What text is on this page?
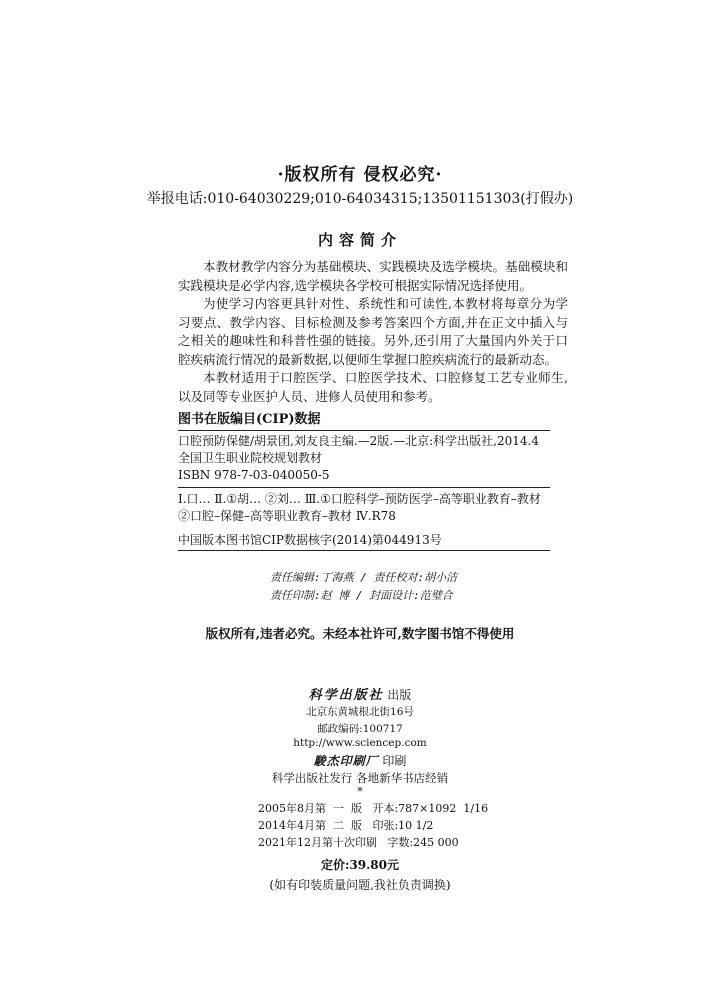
·版权所有 侵权必究·
举报电话:010-64030229;010-64034315;13501151303(打假办)
内容简介

本教材教学内容分为基础模块、实践模块及选学模块。基础模块和实践模块是必学内容,选学模块各学校可根据实际情况选择使用。

为使学习内容更具针对性、系统性和可读性,本教材将每章分为学习要点、教学内容、目标检测及参考答案四个方面,并在正文中插入与之相关的趣味性和科普性强的链接。另外,还引用了大量国内外关于口腔疾病流行情况的最新数据,以便师生掌握口腔疾病流行的最新动态。

本教材适用于口腔医学、口腔医学技术、口腔修复工艺专业师生,以及同等专业医护人员、进修人员使用和参考。

图书在版编目(CIP)数据
口腔预防保健/胡景团,刘友良主编.—2版.—北京:科学出版社,2014.4
全国卫生职业院校规划教材
ISBN 978-7-03-040050-5
Ⅰ.口… Ⅱ.①胡… ②刘… Ⅲ.①口腔科学–预防医学–高等职业教育–教材 ②口腔–保健–高等职业教育–教材 Ⅳ.R78
中国版本图书馆CIP数据核字(2014)第044913号
责任编辑:丁海燕 / 责任校对:胡小洁
责任印制:赵 博 / 封面设计:范璧合
版权所有,违者必究。未经本社许可,数字图书馆不得使用
科学出版社 出版
北京东黄城根北街16号
邮政编码:100717
http://www.sciencep.com
駿杰印刷厂 印刷
科学出版社发行 各地新华书店经销
*
2005年8月第  一  版   开本:787×1092  1/16
2014年4月第  二  版   印张:10 1/2
2021年12月第十次印刷   字数:245 000
定价:39.80元
(如有印装质量问题,我社负责调换)
